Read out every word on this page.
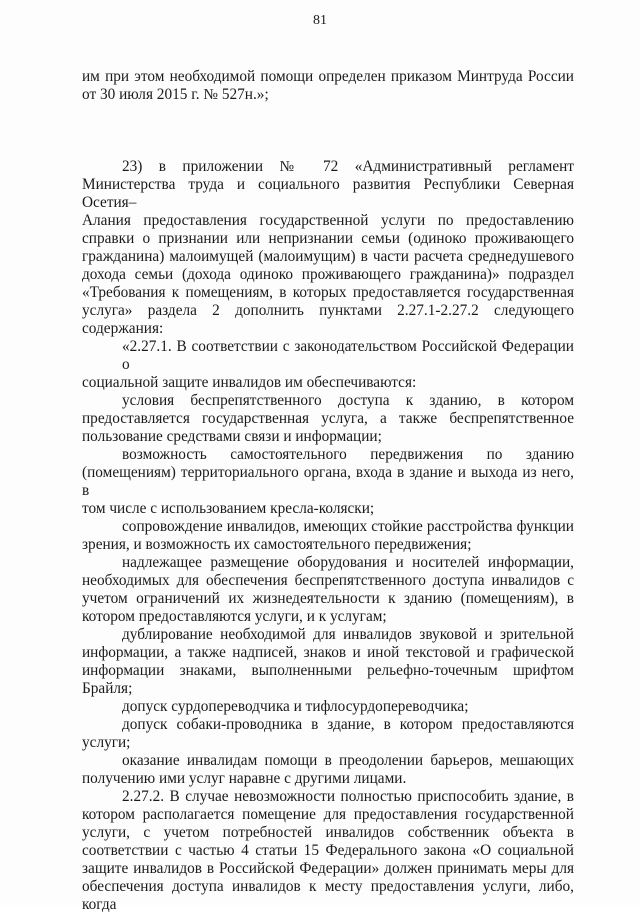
81

им при этом необходимой помощи определен приказом Минтруда России
от 30 июля 2015 г. № 527н.»;

23) в приложении № 72 «Административный регламент

Министерства труда и социального развития Республики Северная Осетия–
Алания предоставления государственной услуги по предоставлению
справки о признании или непризнании семьи (одиноко проживающего
гражданина) малоимущей (малоимущим) в части расчета среднедушевого
дохода семьи (дохода одиноко проживающего гражданина)» подраздел
«Требования к помещениям, в которых предоставляется государственная
услуга» раздела 2 дополнить пунктами 2.27.1-2.27.2 следующего
содержания:

«2.27.1. В соответствии с законодательством Российской Федерации о
социальной защите инвалидов им обеспечиваются:

условия беспрепятственного доступа к зданию, в котором
предоставляется государственная услуга, а также беспрепятственное
пользование средствами связи и информации;

возможность самостоятельного передвижения по зданию
(помещениям) территориального органа, входа в здание и выхода из него, в
том числе с использованием кресла-коляски;

сопровождение инвалидов, имеющих стойкие расстройства функции
зрения, и возможность их самостоятельного передвижения;

надлежащее размещение оборудования и носителей информации,
необходимых для обеспечения беспрепятственного доступа инвалидов с
учетом ограничений их жизнедеятельности к зданию (помещениям), в
котором предоставляются услуги, и к услугам;

дублирование необходимой для инвалидов звуковой и зрительной
информации, а также надписей, знаков и иной текстовой и графической
информации знаками, выполненными рельефно-точечным шрифтом
Брайля;

допуск сурдопереводчика и тифлосурдопереводчика;

допуск собаки-проводника в здание, в котором предоставляются
услуги;

оказание инвалидам помощи в преодолении барьеров, мешающих
получению ими услуг наравне с другими лицами.

2.27.2. В случае невозможности полностью приспособить здание, в
котором располагается помещение для предоставления государственной
услуги, с учетом потребностей инвалидов собственник объекта в
соответствии с частью 4 статьи 15 Федерального закона «О социальной
защите инвалидов в Российской Федерации» должен принимать меры для
обеспечения доступа инвалидов к месту предоставления услуги, либо, когда
